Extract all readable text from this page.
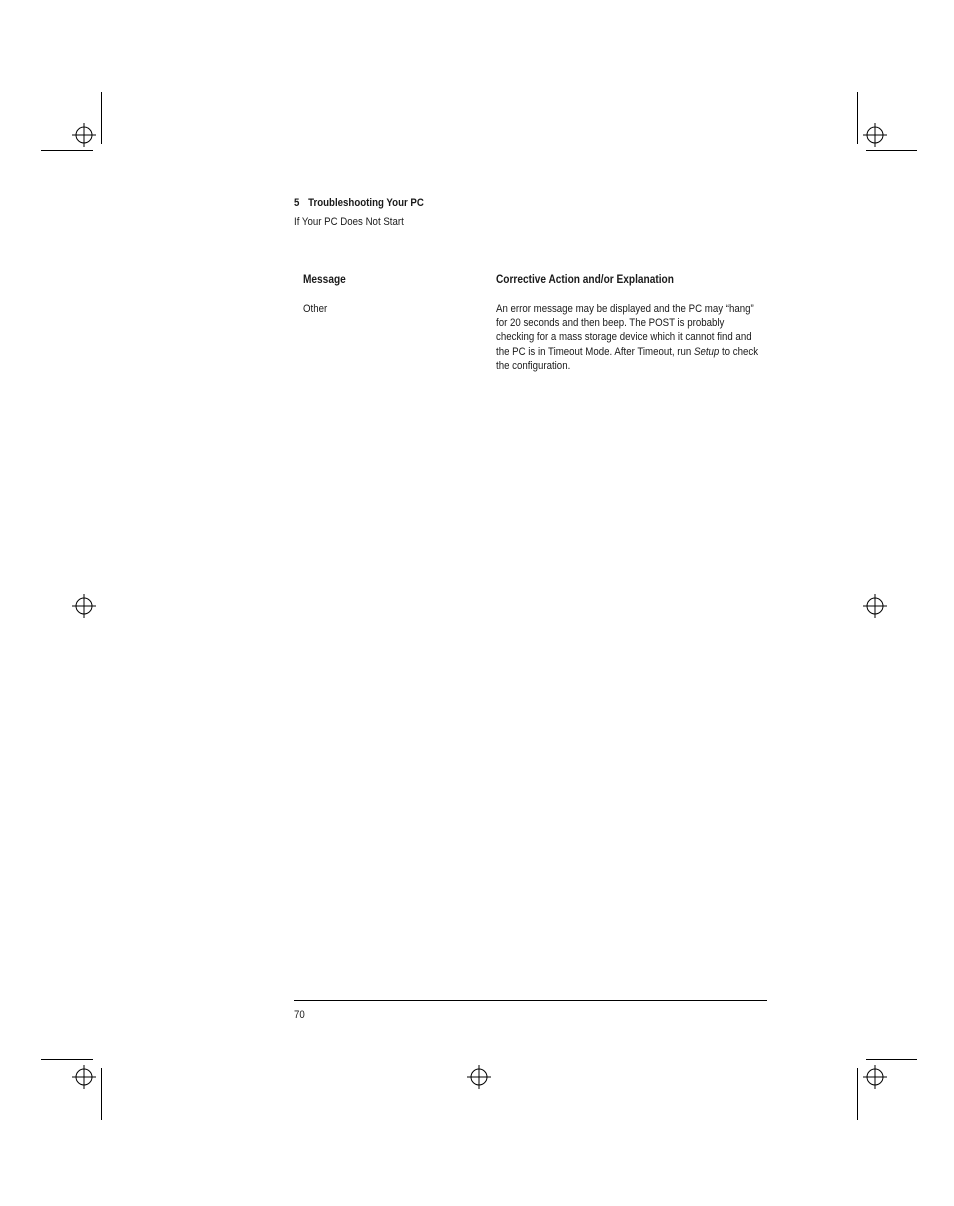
5 Troubleshooting Your PC
If Your PC Does Not Start
Message	Corrective Action and/or Explanation
Other	An error message may be displayed and the PC may “hang” for 20 seconds and then beep. The POST is probably checking for a mass storage device which it cannot find and the PC is in Timeout Mode. After Timeout, run Setup to check the configuration.
70
